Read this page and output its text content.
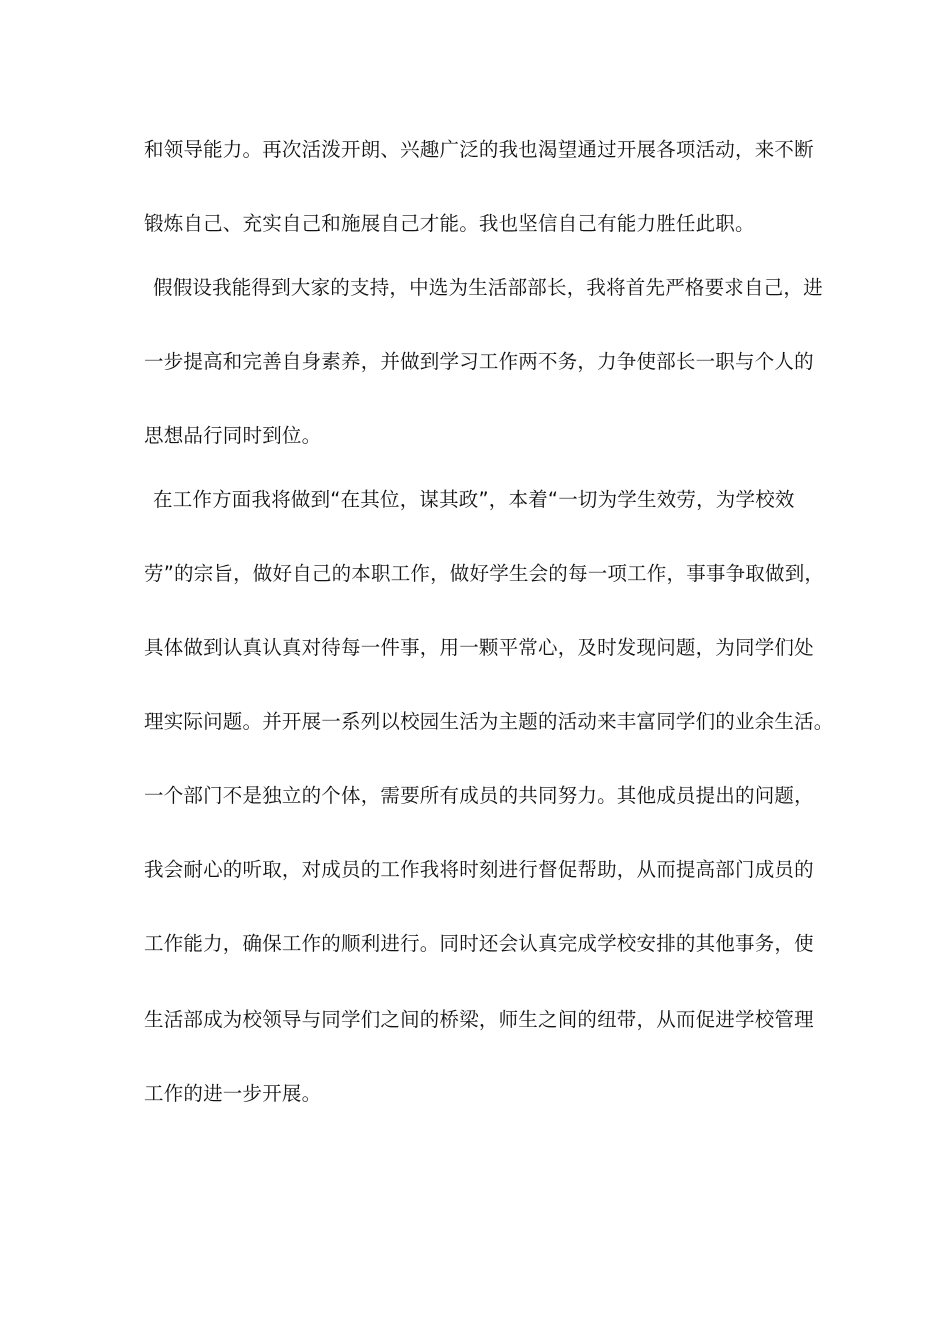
和领导能力。再次活泼开朗、兴趣广泛的我也渴望通过开展各项活动，来不断
锻炼自己、充实自己和施展自己才能。我也坚信自己有能力胜任此职。
假假设我能得到大家的支持，中选为生活部部长，我将首先严格要求自己，进
一步提高和完善自身素养，并做到学习工作两不务，力争使部长一职与个人的
思想品行同时到位。
在工作方面我将做到“在其位，谋其政”，本着“一切为学生效劳，为学校效
劳”的宗旨，做好自己的本职工作，做好学生会的每一项工作，事事争取做到，
具体做到认真认真对待每一件事，用一颗平常心，及时发现问题，为同学们处
理实际问题。并开展一系列以校园生活为主题的活动来丰富同学们的业余生活。
一个部门不是独立的个体，需要所有成员的共同努力。其他成员提出的问题，
我会耐心的听取，对成员的工作我将时刻进行督促帮助，从而提高部门成员的
工作能力，确保工作的顺利进行。同时还会认真完成学校安排的其他事务，使
生活部成为校领导与同学们之间的桥梁，师生之间的纽带，从而促进学校管理
工作的进一步开展。
